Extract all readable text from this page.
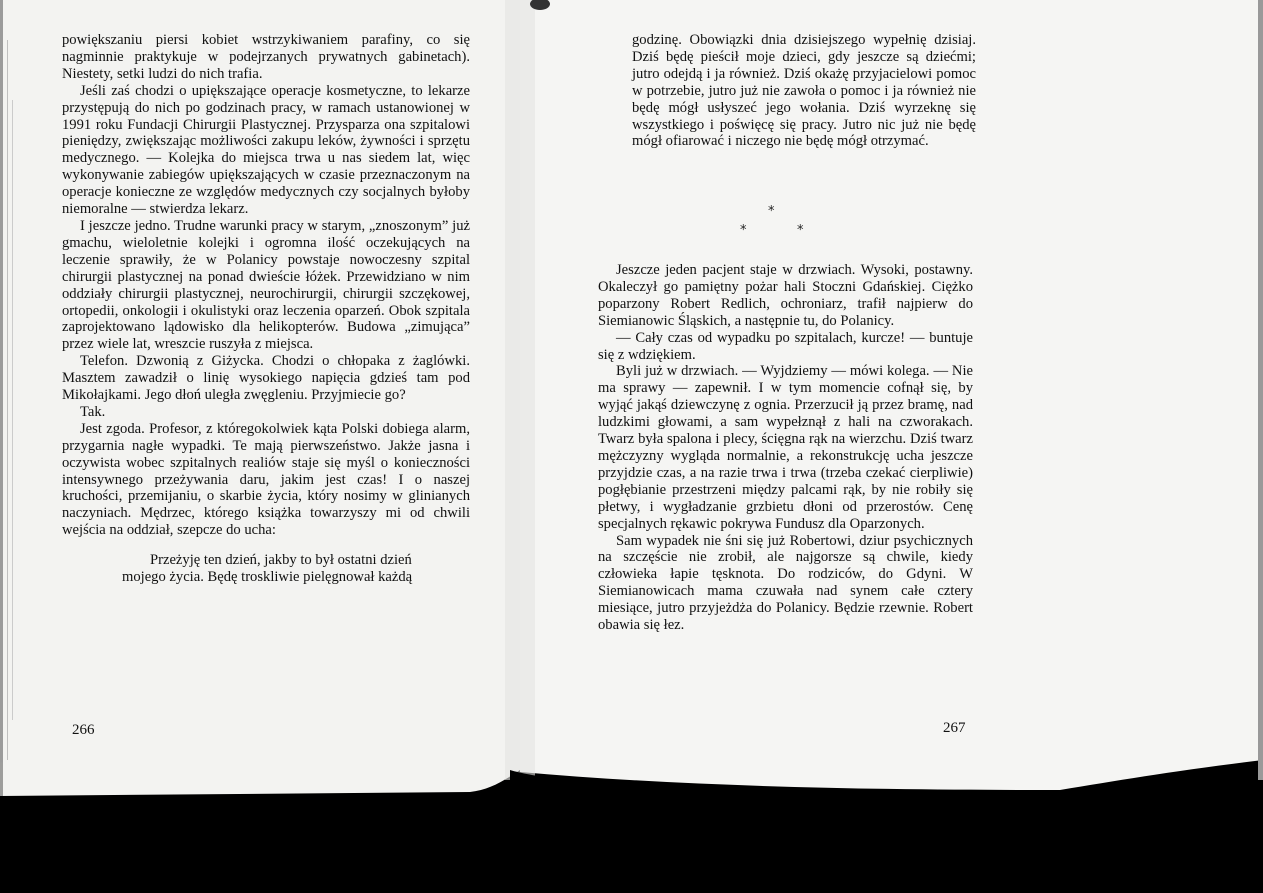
powiększaniu piersi kobiet wstrzykiwaniem parafiny, co się nagminnie praktykuje w podejrzanych prywatnych gabinetach). Niestety, setki ludzi do nich trafia.

Jeśli zaś chodzi o upiększające operacje kosmetyczne, to lekarze przystępują do nich po godzinach pracy, w ramach ustanowionej w 1991 roku Fundacji Chirurgii Plastycznej. Przysparza ona szpitalowi pieniędzy, zwiększając możliwości zakupu leków, żywności i sprzętu medycznego. — Kolejka do miejsca trwa u nas siedem lat, więc wykonywanie zabiegów upiększających w czasie przeznaczonym na operacje konieczne ze względów medycznych czy socjalnych byłoby niemoralne — stwierdza lekarz.

I jeszcze jedno. Trudne warunki pracy w starym, „znoszonym” już gmachu, wieloletnie kolejki i ogromna ilość oczekujących na leczenie sprawiły, że w Polanicy powstaje nowoczesny szpital chirurgii plastycznej na ponad dwieście łóżek. Przewidziano w nim oddziały chirurgii plastycznej, neurochirurgii, chirurgii szczękowej, ortopedii, onkologii i okulistyki oraz leczenia oparzeń. Obok szpitala zaprojektowano lądowisko dla helikopterów. Budowa „zimująca” przez wiele lat, wreszcie ruszyła z miejsca.

Telefon. Dzwonią z Giżycka. Chodzi o chłopaka z żaglówki. Masztem zawadził o linię wysokiego napięcia gdzieś tam pod Mikołajkami. Jego dłoń uległa zwęgleniu. Przyjmiecie go?

Tak.

Jest zgoda. Profesor, z któregokolwiek kąta Polski dobiega alarm, przygarnia nagłe wypadki. Te mają pierwszeństwo. Jakże jasna i oczywista wobec szpitalnych realiów staje się myśl o konieczności intensywnego przeżywania daru, jakim jest czas! I o naszej kruchości, przemijaniu, o skarbie życia, który nosimy w glinianych naczyniach. Mędrzec, którego książka towarzyszy mi od chwili wejścia na oddział, szepcze do ucha:

Przeżyję ten dzień, jakby to był ostatni dzień

mojego życia. Będę troskliwie pielęgnował każdą

266

godzinę. Obowiązki dnia dzisiejszego wypełnię dzisiaj. Dziś będę pieścił moje dzieci, gdy jeszcze są dziećmi; jutro odejdą i ja również. Dziś okażę przyjacielowi pomoc w potrzebie, jutro już nie zawoła o pomoc i ja również nie będę mógł usłyszeć jego wołania. Dziś wyrzeknę się wszystkiego i poświęcę się pracy. Jutro nic już nie będę mógł ofiarować i niczego nie będę mógł otrzymać.

*
*	*

Jeszcze jeden pacjent staje w drzwiach. Wysoki, postawny. Okaleczył go pamiętny pożar hali Stoczni Gdańskiej. Ciężko poparzony Robert Redlich, ochroniarz, trafił najpierw do Siemianowic Śląskich, a następnie tu, do Polanicy.

— Cały czas od wypadku po szpitalach, kurcze! — buntuje się z wdziękiem.

Byli już w drzwiach. — Wyjdziemy — mówi kolega. — Nie ma sprawy — zapewnił. I w tym momencie cofnął się, by wyjąć jakąś dziewczynę z ognia. Przerzucił ją przez bramę, nad ludzkimi głowami, a sam wypełznął z hali na czworakach. Twarz była spalona i plecy, ścięgna rąk na wierzchu. Dziś twarz mężczyzny wygląda normalnie, a rekonstrukcję ucha jeszcze przyjdzie czas, a na razie trwa i trwa (trzeba czekać cierpliwie) pogłębianie przestrzeni między palcami rąk, by nie robiły się płetwy, i wygładzanie grzbietu dłoni od przerostów. Cenę specjalnych rękawic pokrywa Fundusz dla Oparzonych.

Sam wypadek nie śni się już Robertowi, dziur psychicznych na szczęście nie zrobił, ale najgorsze są chwile, kiedy człowieka łapie tęsknota. Do rodziców, do Gdyni. W Siemianowicach mama czuwała nad synem całe cztery miesiące, jutro przyjeżdża do Polanicy. Będzie rzewnie. Robert obawia się łez.

267
